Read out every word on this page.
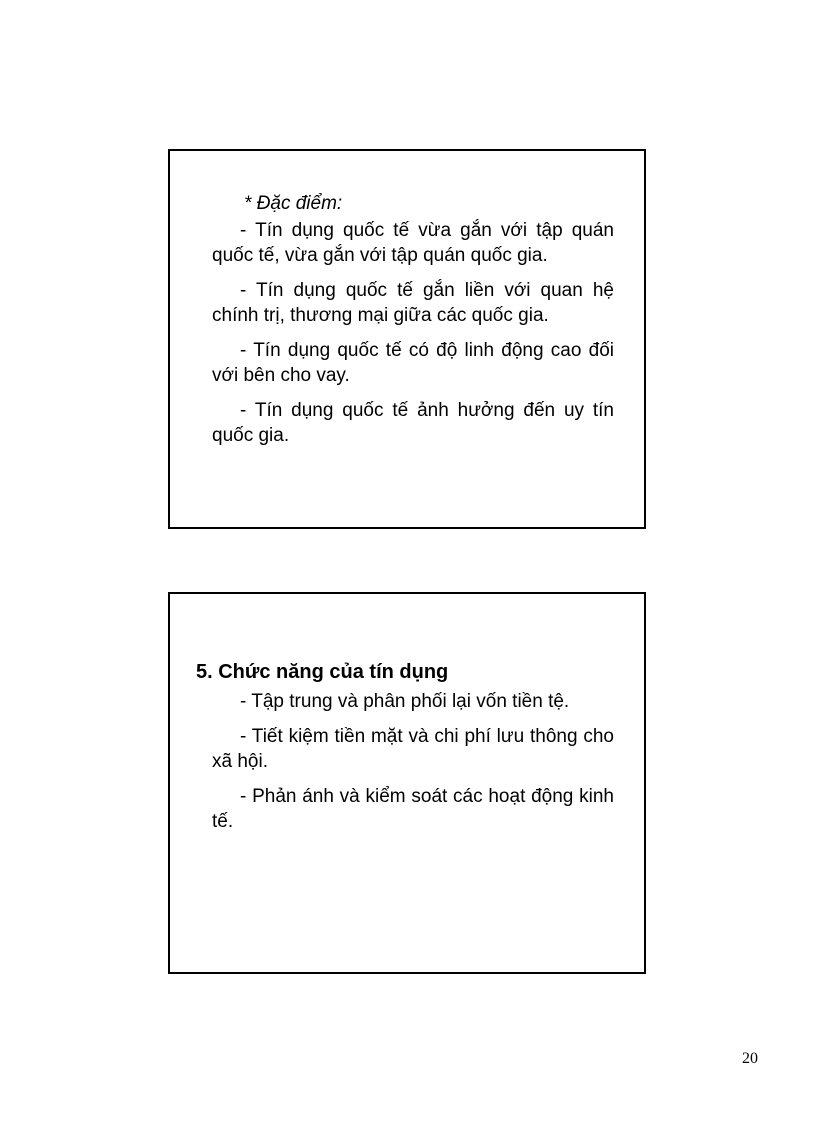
* Đặc điểm:

- Tín dụng quốc tế vừa gắn với tập quán quốc tế, vừa gắn với tập quán quốc gia.

- Tín dụng quốc tế gắn liền với quan hệ chính trị, thương mại giữa các quốc gia.

- Tín dụng quốc tế có độ linh động cao đối với bên cho vay.

- Tín dụng quốc tế ảnh hưởng đến uy tín quốc gia.

5. Chức năng của tín dụng

- Tập trung và phân phối lại vốn tiền tệ.

- Tiết kiệm tiền mặt và chi phí lưu thông cho xã hội.

- Phản ánh và kiểm soát các hoạt động kinh tế.

20
